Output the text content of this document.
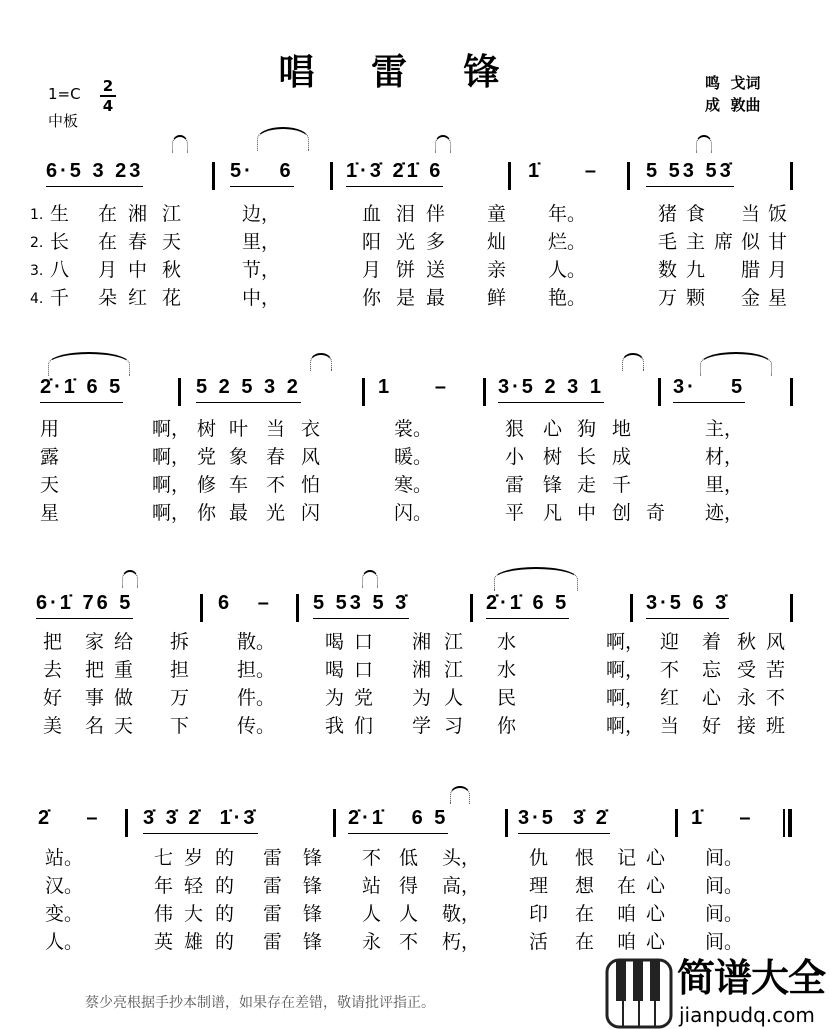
唱 雷 锋
1=C 2
4
中板
鸣  戈词
成  敦曲
6·5 3 23	5·   6	1̇·3̇ 2̇1̇ 6	1̇     – 5 53 53̇
1. 生 在 湘 江	边，	血 泪 伴 童 年。	猪 食 当 饭
2. 长 在 春 天	里，	阳 光 多 灿 烂。	毛 主 席 似 甘
3. 八 月 中 秋	节，	月 饼 送 亲 人。	数 九 腊 月
4. 千 朵 红 花	中，	你 是 最 鲜 艳。	万 颗 金 星
2̇·1̇ 6 5	5 2 5 3 2	1     – 3·5 2 3 1	3·    5
用	啊， 树 叶 当 衣	裳。	狠 心 狗 地	主，
露	啊， 党 象 春 风	暖。	小 树 长 成	材，
天	啊， 修 车 不 怕	寒。	雷 锋 走 千	里，
星	啊， 你 最 光 闪	闪。	平 凡 中 创 奇 迹，
6·1̇ 76 5	6   – 5 53 5 3̇	2̇·1̇ 6 5	3·5 6 3̇
把 家 给 拆	散。	喝 口 湘 江 水	啊， 迎 着 秋 风
去 把 重 担	担。	喝 口 湘 江 水	啊， 不 忘 受 苦
好 事 做 万	件。	为 党 为 人 民	啊， 红 心 永 不
美 名 天 下	传。	我 们 学 习 你	啊， 当 好 接 班
2̇    – 3̇ 3̇ 2̇  1̇·3̇	2̇·1̇   6 5	3·5  3̇ 2̇	1̇    –
站。	七 岁 的 雷 锋 不 低 头，	仇 恨 记 心 间。
汉。	年 轻 的 雷 锋 站 得 高，	理 想 在 心 间。
变。	伟 大 的 雷 锋 人 人 敬，	印 在 咱 心 间。
人。	英 雄 的 雷 锋 永 不 朽，	活 在 咱 心 间。
蔡少亮根据手抄本制谱，如果存在差错，敬请批评指正。
简谱大全
jianpudq.com
